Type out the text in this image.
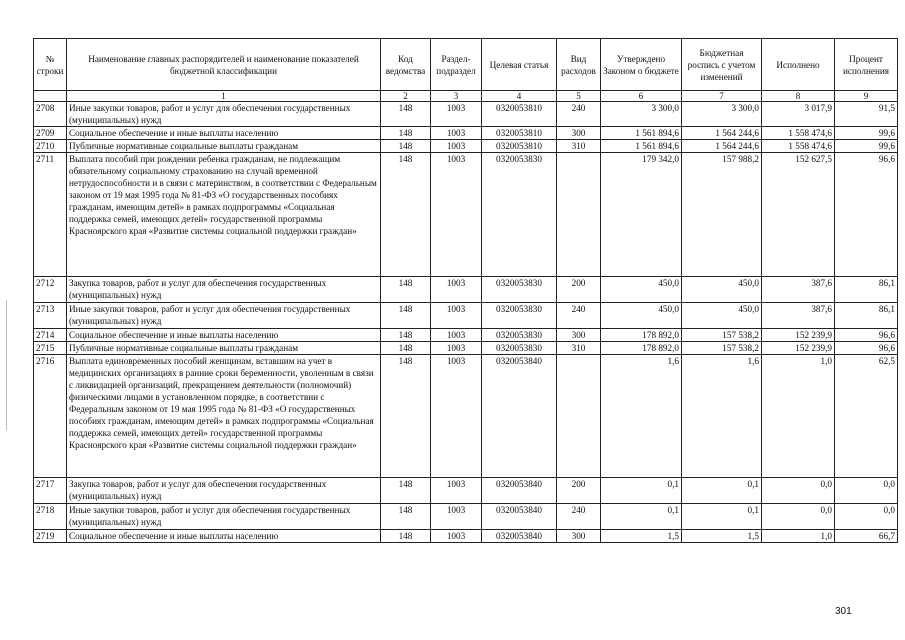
№ строки	Наименование главных распорядителей и наименование показателей бюджетной классификации	Код ведомства	Раздел-подраздел	Целевая статья	Вид расходов	Утверждено Законом о бюджете	Бюджетная роспись с учетом изменений	Исполнено	Процент исполнения
	1	2	3	4	5	6	7	8	9
2708	Иные закупки товаров, работ и услуг для обеспечения государственных (муниципальных) нужд	148	1003	0320053810	240	3 300,0	3 300,0	3 017,9	91,5
2709	Социальное обеспечение и иные выплаты населению	148	1003	0320053810	300	1 561 894,6	1 564 244,6	1 558 474,6	99,6
2710	Публичные нормативные социальные выплаты гражданам	148	1003	0320053810	310	1 561 894,6	1 564 244,6	1 558 474,6	99,6
2711	Выплата пособий при рождении ребенка гражданам, не подлежащим обязательному социальному страхованию на случай временной нетрудоспособности и в связи с материнством, в соответствии с Федеральным законом от 19 мая 1995 года № 81-ФЗ «О государственных пособиях гражданам, имеющим детей» в рамках подпрограммы «Социальная поддержка семей, имеющих детей» государственной программы Красноярского края «Развитие системы социальной поддержки граждан»	148	1003	0320053830		179 342,0	157 988,2	152 627,5	96,6
2712	Закупка товаров, работ и услуг для обеспечения государственных (муниципальных) нужд	148	1003	0320053830	200	450,0	450,0	387,6	86,1
2713	Иные закупки товаров, работ и услуг для обеспечения государственных (муниципальных) нужд	148	1003	0320053830	240	450,0	450,0	387,6	86,1
2714	Социальное обеспечение и иные выплаты населению	148	1003	0320053830	300	178 892,0	157 538,2	152 239,9	96,6
2715	Публичные нормативные социальные выплаты гражданам	148	1003	0320053830	310	178 892,0	157 538,2	152 239,9	96,6
2716	Выплата единовременных пособий женщинам, вставшим на учет в медицинских организациях в ранние сроки беременности, уволенным в связи с ликвидацией организаций, прекращением деятельности (полномочий) физическими лицами в установленном порядке, в соответствии с Федеральным законом от 19 мая 1995 года № 81-ФЗ «О государственных пособиях гражданам, имеющим детей» в рамках подпрограммы «Социальная поддержка семей, имеющих детей» государственной программы Красноярского края «Развитие системы социальной поддержки граждан»	148	1003	0320053840		1,6	1,6	1,0	62,5
2717	Закупка товаров, работ и услуг для обеспечения государственных (муниципальных) нужд	148	1003	0320053840	200	0,1	0,1	0,0	0,0
2718	Иные закупки товаров, работ и услуг для обеспечения государственных (муниципальных) нужд	148	1003	0320053840	240	0,1	0,1	0,0	0,0
2719	Социальное обеспечение и иные выплаты населению	148	1003	0320053840	300	1,5	1,5	1,0	66,7
301
